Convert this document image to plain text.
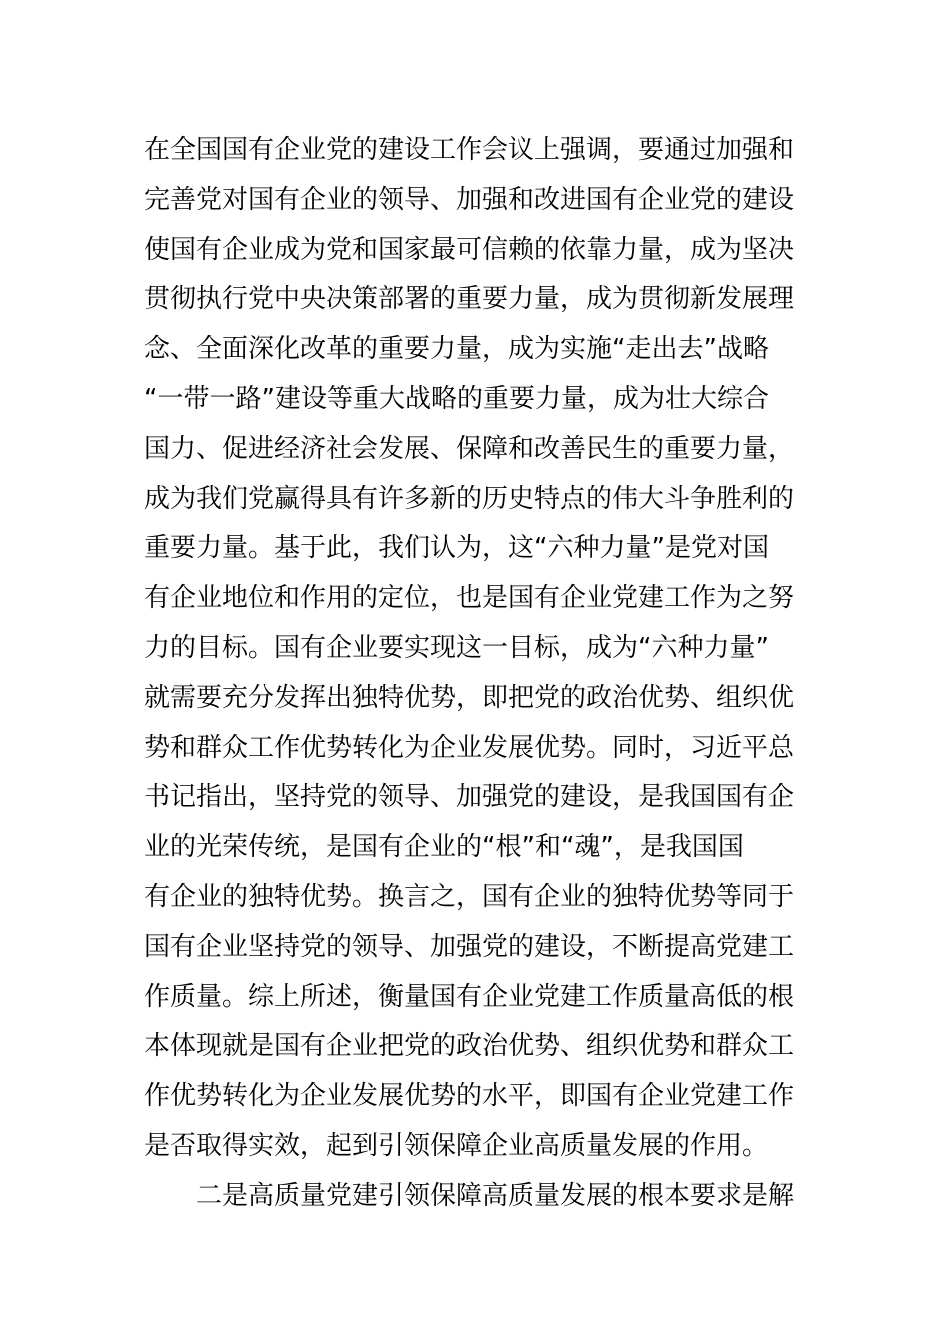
在全国国有企业党的建设工作会议上强调，要通过加强和
完善党对国有企业的领导、加强和改进国有企业党的建设
使国有企业成为党和国家最可信赖的依靠力量，成为坚决
贯彻执行党中央决策部署的重要力量，成为贯彻新发展理
念、全面深化改革的重要力量，成为实施“走出去”战略
“一带一路”建设等重大战略的重要力量，成为壮大综合
国力、促进经济社会发展、保障和改善民生的重要力量，
成为我们党赢得具有许多新的历史特点的伟大斗争胜利的
重要力量。基于此，我们认为，这“六种力量”是党对国
有企业地位和作用的定位，也是国有企业党建工作为之努
力的目标。国有企业要实现这一目标，成为“六种力量”
就需要充分发挥出独特优势，即把党的政治优势、组织优
势和群众工作优势转化为企业发展优势。同时，习近平总
书记指出，坚持党的领导、加强党的建设，是我国国有企
业的光荣传统，是国有企业的“根”和“魂”，是我国国
有企业的独特优势。换言之，国有企业的独特优势等同于
国有企业坚持党的领导、加强党的建设，不断提高党建工
作质量。综上所述，衡量国有企业党建工作质量高低的根
本体现就是国有企业把党的政治优势、组织优势和群众工
作优势转化为企业发展优势的水平，即国有企业党建工作
是否取得实效，起到引领保障企业高质量发展的作用。
二是高质量党建引领保障高质量发展的根本要求是解
